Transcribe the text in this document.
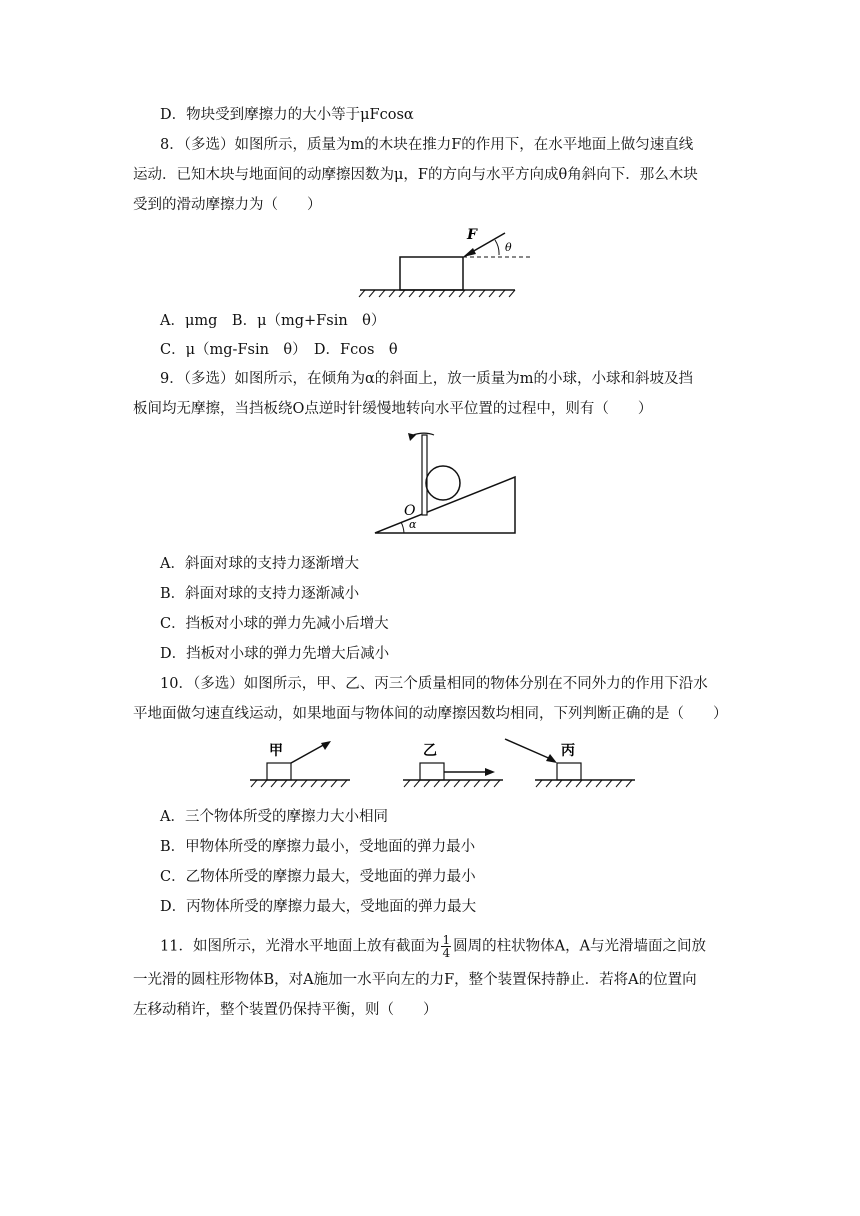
D．物块受到摩擦力的大小等于μFcosα
8．（多选）如图所示，质量为m的木块在推力F的作用下，在水平地面上做匀速直线
运动．已知木块与地面间的动摩擦因数为μ，F的方向与水平方向成θ角斜向下．那么木块
受到的滑动摩擦力为（　　）
F
θ
A．μmg　B．μ（mg+Fsin　θ）
C．μ（mg-Fsin　θ）　D．Fcos　θ
9．（多选）如图所示，在倾角为α的斜面上，放一质量为m的小球，小球和斜坡及挡
板间均无摩擦，当挡板绕O点逆时针缓慢地转向水平位置的过程中，则有（　　）
O
α
A．斜面对球的支持力逐渐增大
B．斜面对球的支持力逐渐减小
C．挡板对小球的弹力先减小后增大
D．挡板对小球的弹力先增大后减小
10．（多选）如图所示，甲、乙、丙三个质量相同的物体分别在不同外力的作用下沿水
平地面做匀速直线运动，如果地面与物体间的动摩擦因数均相同，下列判断正确的是（　　）
甲	乙	丙
A．三个物体所受的摩擦力大小相同
B．甲物体所受的摩擦力最小，受地面的弹力最小
C．乙物体所受的摩擦力最大，受地面的弹力最小
D．丙物体所受的摩擦力最大，受地面的弹力最大
11．如图所示，光滑水平地面上放有截面为 $\frac{1}{4}$ 圆周的柱状物体A，A与光滑墙面之间放
一光滑的圆柱形物体B，对A施加一水平向左的力F，整个装置保持静止．若将A的位置向
左移动稍许，整个装置仍保持平衡，则（　　）
